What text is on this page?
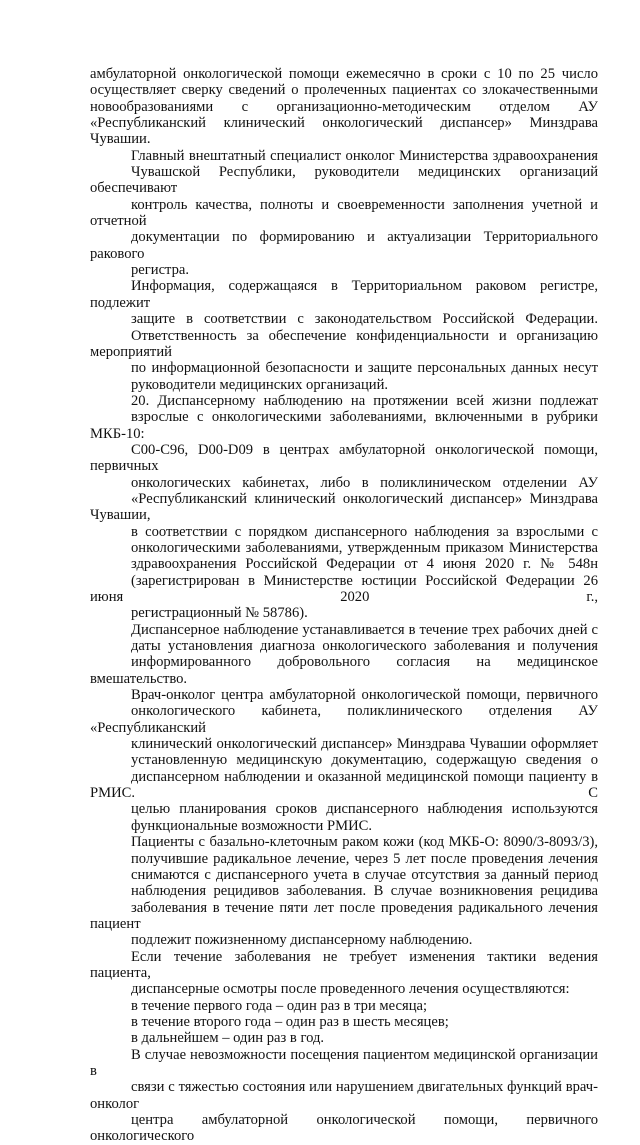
амбулаторной онкологической помощи ежемесячно в сроки с 10 по 25 число
осуществляет сверку сведений о пролеченных пациентах со злокачественными
новообразованиями с организационно-методическим отделом АУ
«Республиканский клинический онкологический диспансер» Минздрава Чувашии.

Главный внештатный специалист онколог Министерства здравоохранения
Чувашской Республики, руководители медицинских организаций обеспечивают
контроль качества, полноты и своевременности заполнения учетной и отчетной
документации по формированию и актуализации Территориального ракового
регистра.

Информация, содержащаяся в Территориальном раковом регистре, подлежит
защите в соответствии с законодательством Российской Федерации.
Ответственность за обеспечение конфиденциальности и организацию мероприятий
по информационной безопасности и защите персональных данных несут
руководители медицинских организаций.

20. Диспансерному наблюдению на протяжении всей жизни подлежат
взрослые с онкологическими заболеваниями, включенными в рубрики МКБ-10:
C00-C96, D00-D09 в центрах амбулаторной онкологической помощи, первичных
онкологических кабинетах, либо в поликлиническом отделении АУ
«Республиканский клинический онкологический диспансер» Минздрава Чувашии,
в соответствии с порядком диспансерного наблюдения за взрослыми с
онкологическими заболеваниями, утвержденным приказом Министерства
здравоохранения Российской Федерации от 4 июня 2020 г. № 548н
(зарегистрирован в Министерстве юстиции Российской Федерации 26 июня 2020 г.,
регистрационный № 58786).

Диспансерное наблюдение устанавливается в течение трех рабочих дней с
даты установления диагноза онкологического заболевания и получения
информированного добровольного согласия на медицинское вмешательство.

Врач-онколог центра амбулаторной онкологической помощи, первичного
онкологического кабинета, поликлинического отделения АУ «Республиканский
клинический онкологический диспансер» Минздрава Чувашии оформляет
установленную медицинскую документацию, содержащую сведения о
диспансерном наблюдении и оказанной медицинской помощи пациенту в РМИС. С
целью планирования сроков диспансерного наблюдения используются
функциональные возможности РМИС.

Пациенты с базально-клеточным раком кожи (код МКБ-О: 8090/3-8093/3),
получившие радикальное лечение, через 5 лет после проведения лечения
снимаются с диспансерного учета в случае отсутствия за данный период
наблюдения рецидивов заболевания. В случае возникновения рецидива
заболевания в течение пяти лет после проведения радикального лечения пациент
подлежит пожизненному диспансерному наблюдению.

Если течение заболевания не требует изменения тактики ведения пациента,
диспансерные осмотры после проведенного лечения осуществляются:

в течение первого года – один раз в три месяца;

в течение второго года – один раз в шесть месяцев;

в дальнейшем – один раз в год.

В случае невозможности посещения пациентом медицинской организации в
связи с тяжестью состояния или нарушением двигательных функций врач-онколог
центра амбулаторной онкологической помощи, первичного онкологического
